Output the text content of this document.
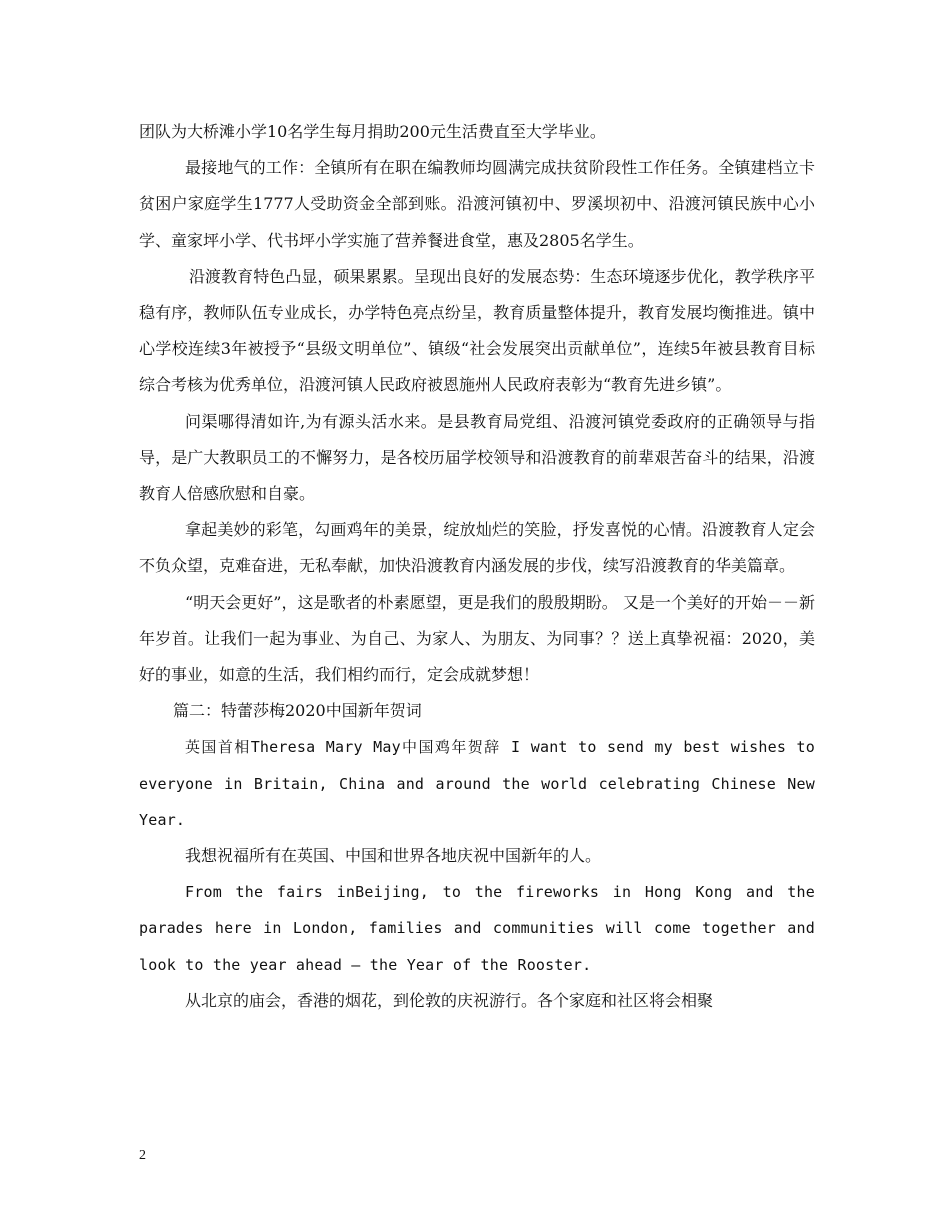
团队为大桥滩小学10名学生每月捐助200元生活费直至大学毕业。

最接地气的工作：全镇所有在职在编教师均圆满完成扶贫阶段性工作任务。全镇建档立卡贫困户家庭学生1777人受助资金全部到账。沿渡河镇初中、罗溪坝初中、沿渡河镇民族中心小学、童家坪小学、代书坪小学实施了营养餐进食堂，惠及2805名学生。

沿渡教育特色凸显，硕果累累。呈现出良好的发展态势：生态环境逐步优化，教学秩序平稳有序，教师队伍专业成长，办学特色亮点纷呈，教育质量整体提升，教育发展均衡推进。镇中心学校连续3年被授予“县级文明单位”、镇级“社会发展突出贡献单位”，连续5年被县教育目标综合考核为优秀单位，沿渡河镇人民政府被恩施州人民政府表彰为“教育先进乡镇”。

问渠哪得清如许,为有源头活水来。是县教育局党组、沿渡河镇党委政府的正确领导与指导，是广大教职员工的不懈努力，是各校历届学校领导和沿渡教育的前辈艰苦奋斗的结果，沿渡教育人倍感欣慰和自豪。

拿起美妙的彩笔，勾画鸡年的美景，绽放灿烂的笑脸，抒发喜悦的心情。沿渡教育人定会不负众望，克难奋进，无私奉献，加快沿渡教育内涵发展的步伐，续写沿渡教育的华美篇章。

“明天会更好”，这是歌者的朴素愿望，更是我们的殷殷期盼。 又是一个美好的开始－－新年岁首。让我们一起为事业、为自己、为家人、为朋友、为同事？？送上真挚祝福：2020，美好的事业，如意的生活，我们相约而行，定会成就梦想！

篇二：特蕾莎梅2020中国新年贺词

英国首相Theresa Mary May中国鸡年贺辞 I want to send my best wishes to everyone in Britain, China and around the world celebrating Chinese New Year.

我想祝福所有在英国、中国和世界各地庆祝中国新年的人。

From the fairs inBeijing, to the fireworks in Hong Kong and the parades here in London, families and communities will come together and look to the year ahead – the Year of the Rooster.

从北京的庙会，香港的烟花，到伦敦的庆祝游行。各个家庭和社区将会相聚

2
